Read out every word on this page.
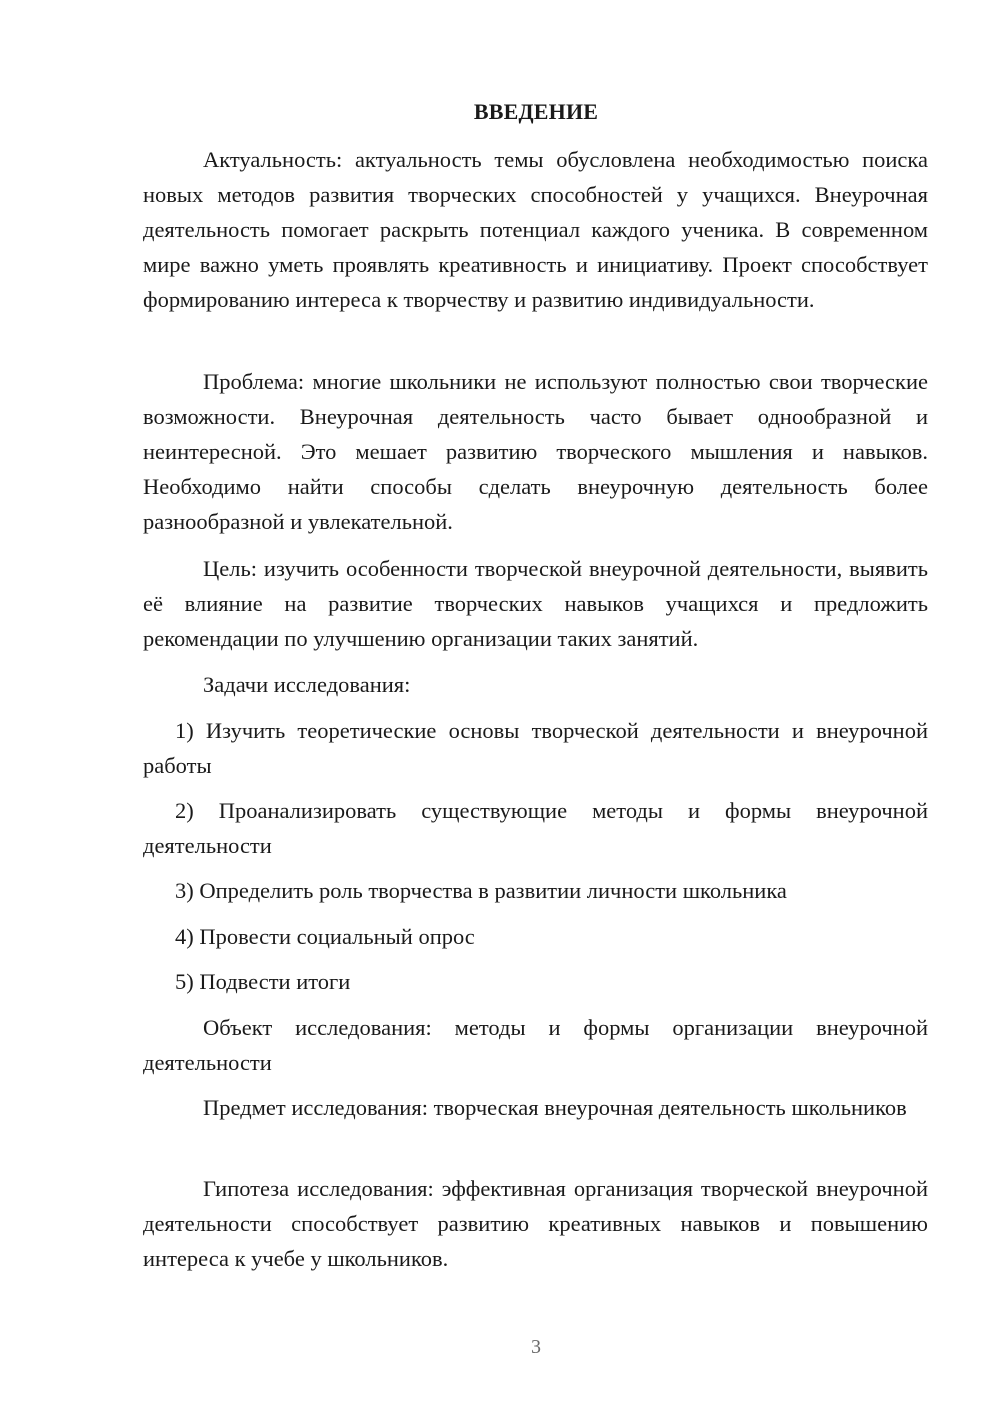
ВВЕДЕНИЕ

Актуальность: актуальность темы обусловлена необходимостью поиска новых методов развития творческих способностей у учащихся. Внеурочная деятельность помогает раскрыть потенциал каждого ученика. В современном мире важно уметь проявлять креативность и инициативу. Проект способствует формированию интереса к творчеству и развитию индивидуальности.

Проблема: многие школьники не используют полностью свои творческие возможности. Внеурочная деятельность часто бывает однообразной и неинтересной. Это мешает развитию творческого мышления и навыков. Необходимо найти способы сделать внеурочную деятельность более разнообразной и увлекательной.

Цель: изучить особенности творческой внеурочной деятельности, выявить её влияние на развитие творческих навыков учащихся и предложить рекомендации по улучшению организации таких занятий.

Задачи исследования:

1) Изучить теоретические основы творческой деятельности и внеурочной работы

2) Проанализировать существующие методы и формы внеурочной деятельности

3) Определить роль творчества в развитии личности школьника

4) Провести социальный опрос

5) Подвести итоги

Объект исследования: методы и формы организации внеурочной деятельности

Предмет исследования: творческая внеурочная деятельность школьников

Гипотеза исследования: эффективная организация творческой внеурочной деятельности способствует развитию креативных навыков и повышению интереса к учебе у школьников.

3
